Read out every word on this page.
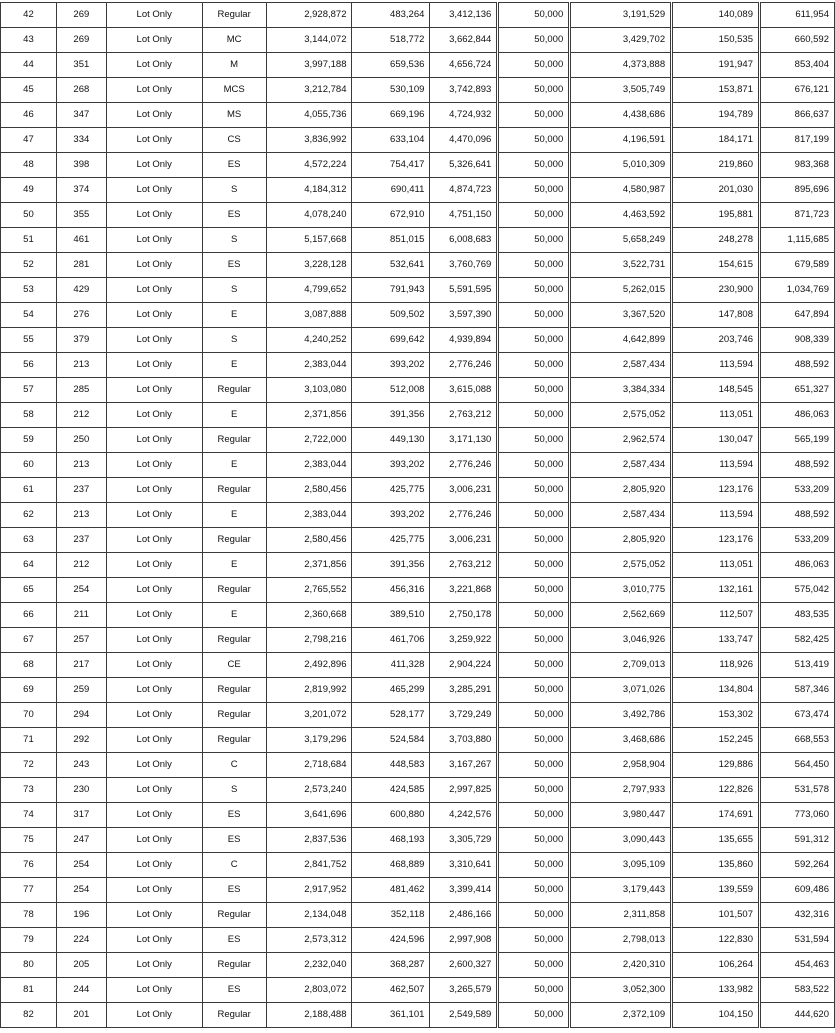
42	269	Lot Only	Regular	2,928,872	483,264	3,412,136	50,000	3,191,529	140,089	611,954
43	269	Lot Only	MC	3,144,072	518,772	3,662,844	50,000	3,429,702	150,535	660,592
44	351	Lot Only	M	3,997,188	659,536	4,656,724	50,000	4,373,888	191,947	853,404
45	268	Lot Only	MCS	3,212,784	530,109	3,742,893	50,000	3,505,749	153,871	676,121
46	347	Lot Only	MS	4,055,736	669,196	4,724,932	50,000	4,438,686	194,789	866,637
47	334	Lot Only	CS	3,836,992	633,104	4,470,096	50,000	4,196,591	184,171	817,199
48	398	Lot Only	ES	4,572,224	754,417	5,326,641	50,000	5,010,309	219,860	983,368
49	374	Lot Only	S	4,184,312	690,411	4,874,723	50,000	4,580,987	201,030	895,696
50	355	Lot Only	ES	4,078,240	672,910	4,751,150	50,000	4,463,592	195,881	871,723
51	461	Lot Only	S	5,157,668	851,015	6,008,683	50,000	5,658,249	248,278	1,115,685
52	281	Lot Only	ES	3,228,128	532,641	3,760,769	50,000	3,522,731	154,615	679,589
53	429	Lot Only	S	4,799,652	791,943	5,591,595	50,000	5,262,015	230,900	1,034,769
54	276	Lot Only	E	3,087,888	509,502	3,597,390	50,000	3,367,520	147,808	647,894
55	379	Lot Only	S	4,240,252	699,642	4,939,894	50,000	4,642,899	203,746	908,339
56	213	Lot Only	E	2,383,044	393,202	2,776,246	50,000	2,587,434	113,594	488,592
57	285	Lot Only	Regular	3,103,080	512,008	3,615,088	50,000	3,384,334	148,545	651,327
58	212	Lot Only	E	2,371,856	391,356	2,763,212	50,000	2,575,052	113,051	486,063
59	250	Lot Only	Regular	2,722,000	449,130	3,171,130	50,000	2,962,574	130,047	565,199
60	213	Lot Only	E	2,383,044	393,202	2,776,246	50,000	2,587,434	113,594	488,592
61	237	Lot Only	Regular	2,580,456	425,775	3,006,231	50,000	2,805,920	123,176	533,209
62	213	Lot Only	E	2,383,044	393,202	2,776,246	50,000	2,587,434	113,594	488,592
63	237	Lot Only	Regular	2,580,456	425,775	3,006,231	50,000	2,805,920	123,176	533,209
64	212	Lot Only	E	2,371,856	391,356	2,763,212	50,000	2,575,052	113,051	486,063
65	254	Lot Only	Regular	2,765,552	456,316	3,221,868	50,000	3,010,775	132,161	575,042
66	211	Lot Only	E	2,360,668	389,510	2,750,178	50,000	2,562,669	112,507	483,535
67	257	Lot Only	Regular	2,798,216	461,706	3,259,922	50,000	3,046,926	133,747	582,425
68	217	Lot Only	CE	2,492,896	411,328	2,904,224	50,000	2,709,013	118,926	513,419
69	259	Lot Only	Regular	2,819,992	465,299	3,285,291	50,000	3,071,026	134,804	587,346
70	294	Lot Only	Regular	3,201,072	528,177	3,729,249	50,000	3,492,786	153,302	673,474
71	292	Lot Only	Regular	3,179,296	524,584	3,703,880	50,000	3,468,686	152,245	668,553
72	243	Lot Only	C	2,718,684	448,583	3,167,267	50,000	2,958,904	129,886	564,450
73	230	Lot Only	S	2,573,240	424,585	2,997,825	50,000	2,797,933	122,826	531,578
74	317	Lot Only	ES	3,641,696	600,880	4,242,576	50,000	3,980,447	174,691	773,060
75	247	Lot Only	ES	2,837,536	468,193	3,305,729	50,000	3,090,443	135,655	591,312
76	254	Lot Only	C	2,841,752	468,889	3,310,641	50,000	3,095,109	135,860	592,264
77	254	Lot Only	ES	2,917,952	481,462	3,399,414	50,000	3,179,443	139,559	609,486
78	196	Lot Only	Regular	2,134,048	352,118	2,486,166	50,000	2,311,858	101,507	432,316
79	224	Lot Only	ES	2,573,312	424,596	2,997,908	50,000	2,798,013	122,830	531,594
80	205	Lot Only	Regular	2,232,040	368,287	2,600,327	50,000	2,420,310	106,264	454,463
81	244	Lot Only	ES	2,803,072	462,507	3,265,579	50,000	3,052,300	133,982	583,522
82	201	Lot Only	Regular	2,188,488	361,101	2,549,589	50,000	2,372,109	104,150	444,620
